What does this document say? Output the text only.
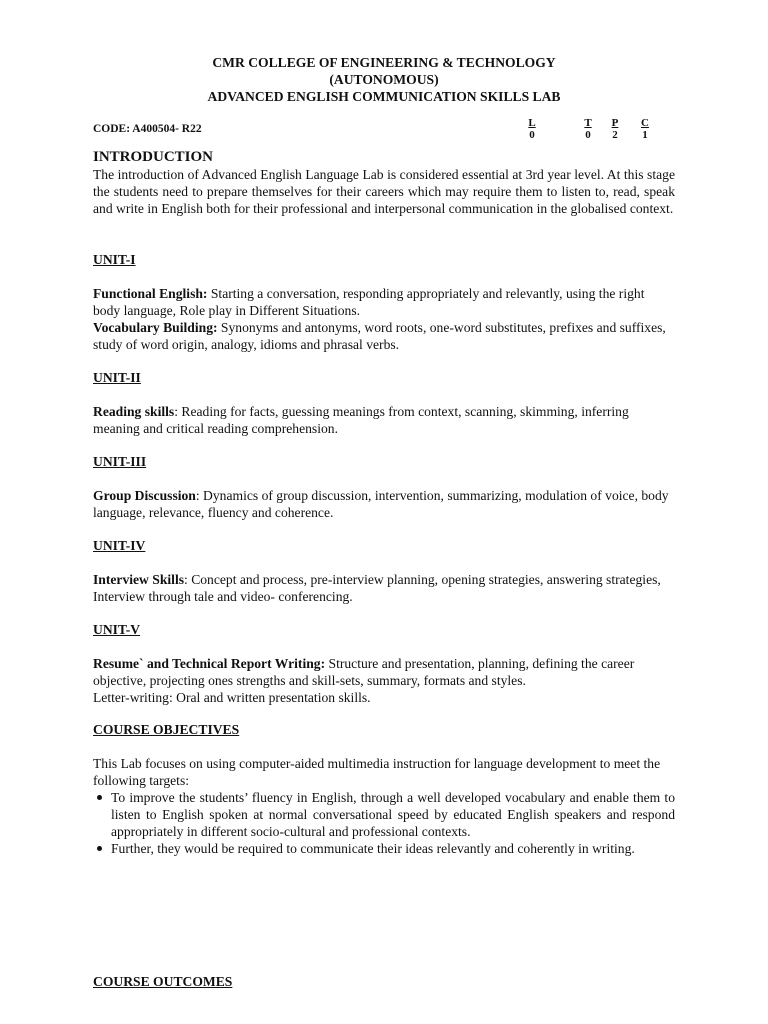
CMR COLLEGE OF ENGINEERING & TECHNOLOGY
(AUTONOMOUS)
ADVANCED ENGLISH COMMUNICATION SKILLS LAB
CODE: A400504- R22	L
0
T
0
P
2
C
1
INTRODUCTION
The introduction of Advanced English Language Lab is considered essential at 3rd year level. At this stage the students need to prepare themselves for their careers which may require them to listen to, read, speak and write in English both for their professional and interpersonal communication in the globalised context.
UNIT-I
Functional English: Starting a conversation, responding appropriately and relevantly, using the right body language, Role play in Different Situations.
Vocabulary Building: Synonyms and antonyms, word roots, one-word substitutes, prefixes and suffixes, study of word origin, analogy, idioms and phrasal verbs.
UNIT-II
Reading skills: Reading for facts, guessing meanings from context, scanning, skimming, inferring meaning and critical reading comprehension.
UNIT-III
Group Discussion: Dynamics of group discussion, intervention, summarizing, modulation of voice, body language, relevance, fluency and coherence.
UNIT-IV
Interview Skills: Concept and process, pre-interview planning, opening strategies, answering strategies, Interview through tale and video- conferencing.
UNIT-V
Resume` and Technical Report Writing: Structure and presentation, planning, defining the career objective, projecting ones strengths and skill-sets, summary, formats and styles.
Letter-writing: Oral and written presentation skills.
COURSE OBJECTIVES
This Lab focuses on using computer-aided multimedia instruction for language development to meet the following targets:
To improve the students’ fluency in English, through a well developed vocabulary and enable them to listen to English spoken at normal conversational speed by educated English speakers and respond appropriately in different socio-cultural and professional contexts.
Further, they would be required to communicate their ideas relevantly and coherently in writing.
COURSE OUTCOMES
